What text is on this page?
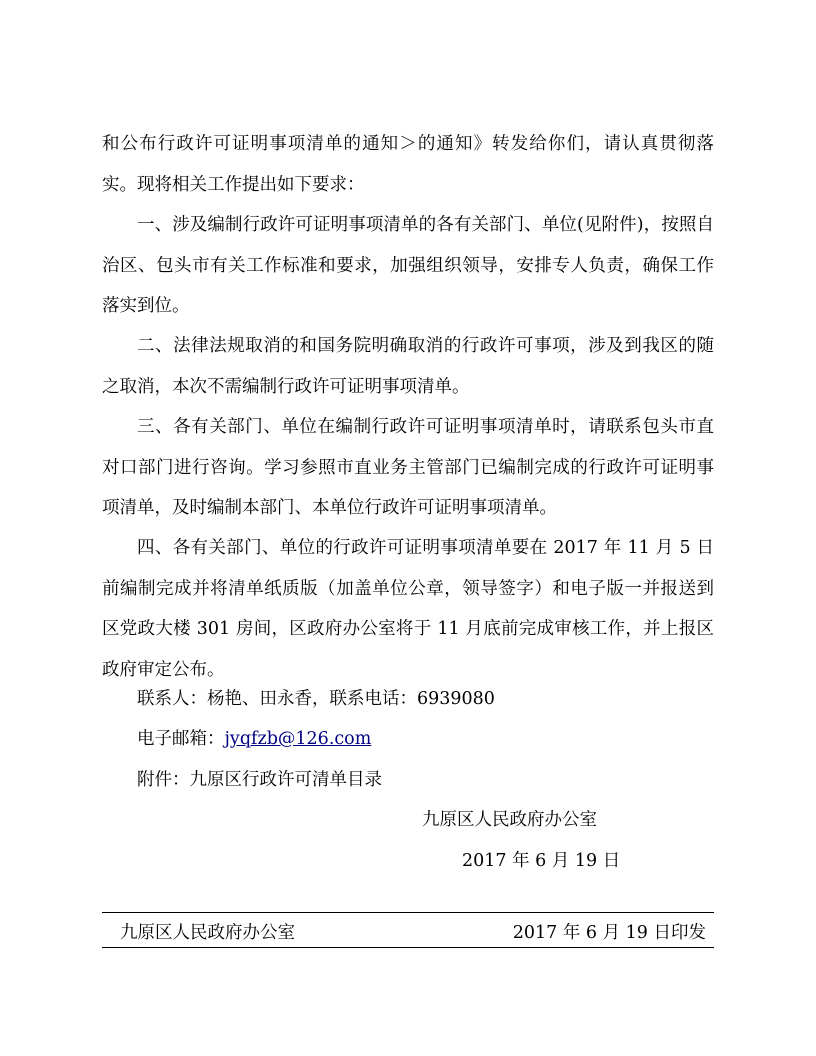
和公布行政许可证明事项清单的通知＞的通知》转发给你们，请认真贯彻落实。现将相关工作提出如下要求：

一、涉及编制行政许可证明事项清单的各有关部门、单位(见附件)，按照自治区、包头市有关工作标准和要求，加强组织领导，安排专人负责，确保工作落实到位。

二、法律法规取消的和国务院明确取消的行政许可事项，涉及到我区的随之取消，本次不需编制行政许可证明事项清单。

三、各有关部门、单位在编制行政许可证明事项清单时，请联系包头市直对口部门进行咨询。学习参照市直业务主管部门已编制完成的行政许可证明事项清单，及时编制本部门、本单位行政许可证明事项清单。

四、各有关部门、单位的行政许可证明事项清单要在 2017 年 11 月 5 日前编制完成并将清单纸质版（加盖单位公章，领导签字）和电子版一并报送到区党政大楼 301 房间，区政府办公室将于 11 月底前完成审核工作，并上报区政府审定公布。

联系人：杨艳、田永香，联系电话：6939080
电子邮箱：jyqfzb@126.com
附件：九原区行政许可清单目录
九原区人民政府办公室
2017 年 6 月 19 日
九原区人民政府办公室	2017 年 6 月 19 日印发
